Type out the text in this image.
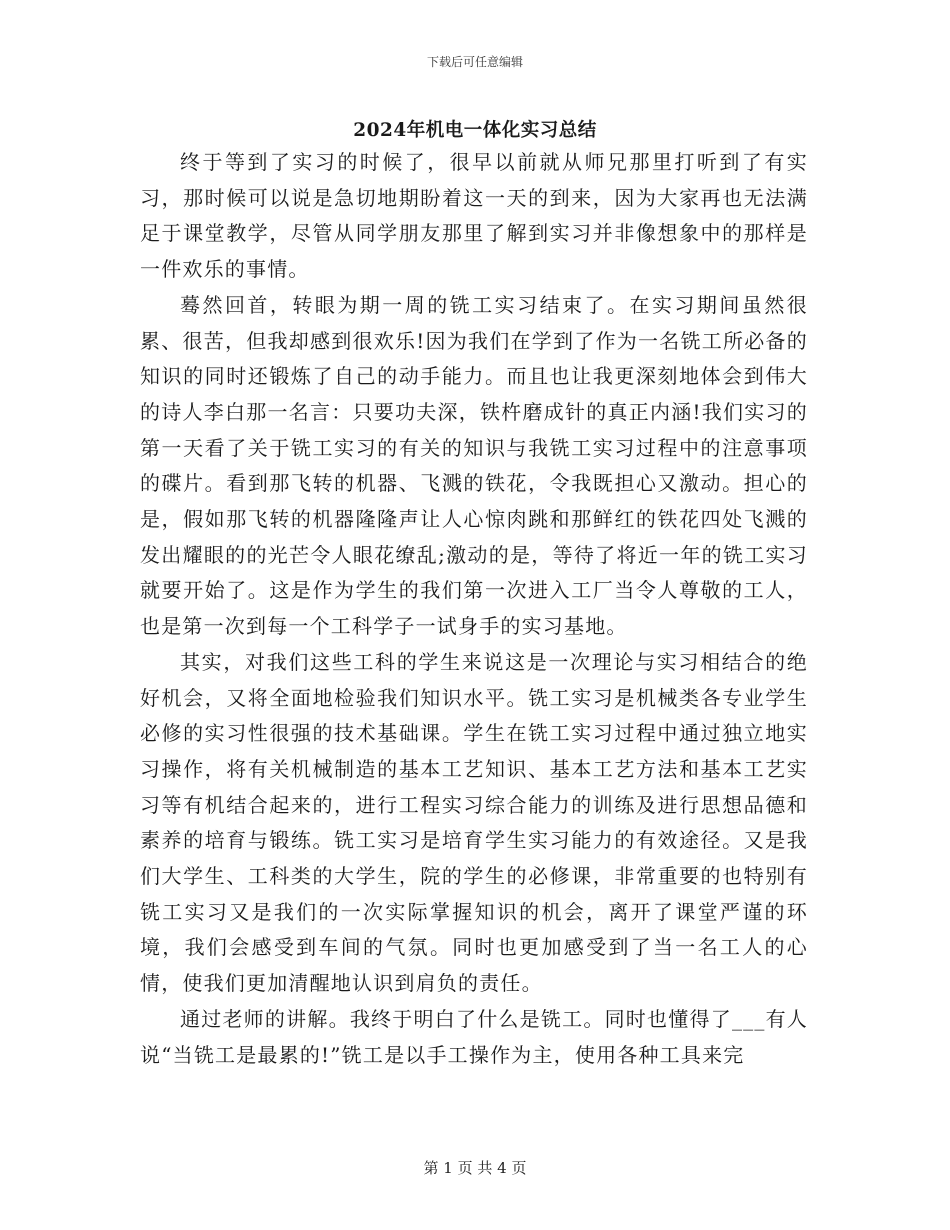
下载后可任意编辑
2024年机电一体化实习总结

终于等到了实习的时候了，很早以前就从师兄那里打听到了有实习，那时候可以说是急切地期盼着这一天的到来，因为大家再也无法满足于课堂教学，尽管从同学朋友那里了解到实习并非像想象中的那样是一件欢乐的事情。

蓦然回首，转眼为期一周的铣工实习结束了。在实习期间虽然很累、很苦，但我却感到很欢乐!因为我们在学到了作为一名铣工所必备的知识的同时还锻炼了自己的动手能力。而且也让我更深刻地体会到伟大的诗人李白那一名言：只要功夫深，铁杵磨成针的真正内涵!我们实习的第一天看了关于铣工实习的有关的知识与我铣工实习过程中的注意事项的碟片。看到那飞转的机器、飞溅的铁花，令我既担心又激动。担心的是，假如那飞转的机器隆隆声让人心惊肉跳和那鲜红的铁花四处飞溅的发出耀眼的的光芒令人眼花缭乱;激动的是，等待了将近一年的铣工实习就要开始了。这是作为学生的我们第一次进入工厂当令人尊敬的工人，也是第一次到每一个工科学子一试身手的实习基地。

其实，对我们这些工科的学生来说这是一次理论与实习相结合的绝好机会，又将全面地检验我们知识水平。铣工实习是机械类各专业学生必修的实习性很强的技术基础课。学生在铣工实习过程中通过独立地实习操作，将有关机械制造的基本工艺知识、基本工艺方法和基本工艺实习等有机结合起来的，进行工程实习综合能力的训练及进行思想品德和素养的培育与锻练。铣工实习是培育学生实习能力的有效途径。又是我们大学生、工科类的大学生，院的学生的必修课，非常重要的也特别有铣工实习又是我们的一次实际掌握知识的机会，离开了课堂严谨的环境，我们会感受到车间的气氛。同时也更加感受到了当一名工人的心情，使我们更加清醒地认识到肩负的责任。

通过老师的讲解。我终于明白了什么是铣工。同时也懂得了___有人说“当铣工是最累的!”铣工是以手工操作为主，使用各种工具来完

第 1 页 共 4 页
